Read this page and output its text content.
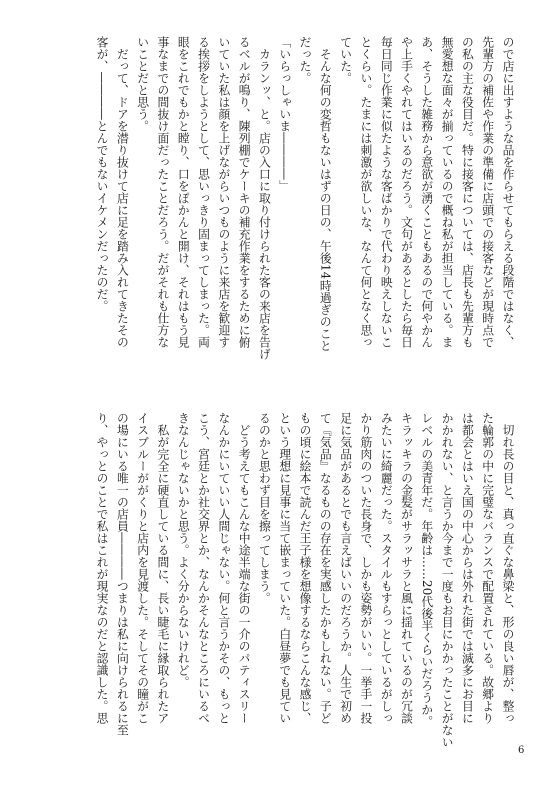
ので店に出すような品を作らせてもらえる段階ではなく、
先輩方の補佐や作業の準備に店頭での接客などが現時点で
の私の主な役目だ。特に接客については、店長も先輩方も
無愛想な面々が揃っているので概ね私が担当している。ま
あ、そうした雑務から意欲が湧くこともあるので何やかん
や上手くやれてはいるのだろう。文句があるとしたら毎日
毎日同じ作業に似たような客ばかりで代わり映えしないこ
とくらい。たまには刺激が欲しいな、なんて何となく思っ
ていた。
　そんな何の変哲もないはずの日の、午後14時過ぎのこと
だった。
「いらっしゃいま――――」
　カランッ、と。店の入口に取り付けられた客の来店を告げ
るベルが鳴り、陳列棚でケーキの補充作業をするために俯
いていた私は顔を上げながらいつものように来店を歓迎す
る挨拶をしようとして、思いっきり固まってしまった。両
眼をこれでもかと瞠り、口をぽかんと開け、それはもう見
事なまでの間抜け面だったことだろう。だがそれも仕方な
いことだと思う。
　だって、ドアを潜り抜けて店に足を踏み入れてきたその
客が、――――とんでもないイケメンだったのだ。
　切れ長の目と、真っ直ぐな鼻梁と、形の良い唇が、整っ
た輪郭の中に完璧なバランスで配置されている。故郷より
は都会とはいえ国の中心からは外れた街では滅多にお目に
かかれない、と言うか今まで一度もお目にかかったことがない
レベルの美青年だ。年齢は……20代後半くらいだろうか。
キラッキラの金髪がサラッサラと風に揺れているのが冗談
みたいに綺麗だった。スタイルもすらっとしているがしっ
かり筋肉のついた長身で、しかも姿勢がいい。一挙手一投
足に気品があるとでも言えばいいのだろうか。人生で初め
て『気品』なるものの存在を実感したかもしれない。子ど
もの頃に絵本で読んだ王子様を想像するならこんな感じ、
という理想に見事に当て嵌まっていた。白昼夢でも見てい
るのかと思わず目を擦ってしまう。
　どう考えてもこんな中途半端な街の一介のパティスリー
なんかにいていい人間じゃない。何と言うかその、もっと
こう、宮廷とか社交界とか、なんかそんなところにいるべ
きなんじゃないかと思う。よく分からないけれど。
　私が完全に硬直している間に、長い睫毛に縁取られたア
イスブルーががくりと店内を見渡した。そしてその瞳がこ
の場にいる唯一の店員――――つまりは私に向けられるに至
り、やっとのことで私はこれが現実なのだと認識した。思
6
